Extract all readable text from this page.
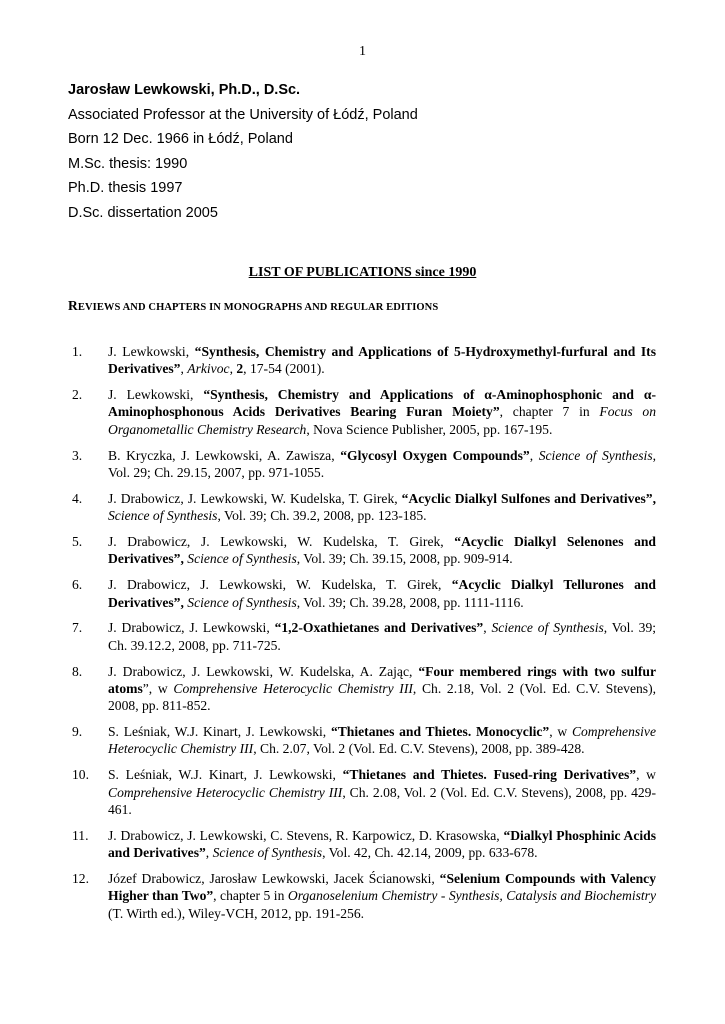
1
Jarosław Lewkowski, Ph.D., D.Sc.
Associated Professor at the University of Łódź, Poland
Born 12 Dec. 1966 in Łódź, Poland
M.Sc. thesis: 1990
Ph.D. thesis 1997
D.Sc. dissertation 2005
LIST OF PUBLICATIONS since 1990
REVIEWS AND CHAPTERS IN MONOGRAPHS AND REGULAR EDITIONS
1. J. Lewkowski, “Synthesis, Chemistry and Applications of 5-Hydroxymethyl-furfural and Its Derivatives”, Arkivoc, 2, 17-54 (2001).
2. J. Lewkowski, “Synthesis, Chemistry and Applications of α-Aminophosphonic and α-Aminophosphonous Acids Derivatives Bearing Furan Moiety”, chapter 7 in Focus on Organometallic Chemistry Research, Nova Science Publisher, 2005, pp. 167-195.
3. B. Kryczka, J. Lewkowski, A. Zawisza, “Glycosyl Oxygen Compounds”, Science of Synthesis, Vol. 29; Ch. 29.15, 2007, pp. 971-1055.
4. J. Drabowicz, J. Lewkowski, W. Kudelska, T. Girek, “Acyclic Dialkyl Sulfones and Derivatives”, Science of Synthesis, Vol. 39; Ch. 39.2, 2008, pp. 123-185.
5. J. Drabowicz, J. Lewkowski, W. Kudelska, T. Girek, “Acyclic Dialkyl Selenones and Derivatives”, Science of Synthesis, Vol. 39; Ch. 39.15, 2008, pp. 909-914.
6. J. Drabowicz, J. Lewkowski, W. Kudelska, T. Girek, “Acyclic Dialkyl Tellurones and Derivatives”, Science of Synthesis, Vol. 39; Ch. 39.28, 2008, pp. 1111-1116.
7. J. Drabowicz, J. Lewkowski, “1,2-Oxathietanes and Derivatives”, Science of Synthesis, Vol. 39; Ch. 39.12.2, 2008, pp. 711-725.
8. J. Drabowicz, J. Lewkowski, W. Kudelska, A. Zając, “Four membered rings with two sulfur atoms”, w Comprehensive Heterocyclic Chemistry III, Ch. 2.18, Vol. 2 (Vol. Ed. C.V. Stevens), 2008, pp. 811-852.
9. S. Leśniak, W.J. Kinart, J. Lewkowski, “Thietanes and Thietes. Monocyclic”, w Comprehensive Heterocyclic Chemistry III, Ch. 2.07, Vol. 2 (Vol. Ed. C.V. Stevens), 2008, pp. 389-428.
10. S. Leśniak, W.J. Kinart, J. Lewkowski, “Thietanes and Thietes. Fused-ring Derivatives”, w Comprehensive Heterocyclic Chemistry III, Ch. 2.08, Vol. 2 (Vol. Ed. C.V. Stevens), 2008, pp. 429-461.
11. J. Drabowicz, J. Lewkowski, C. Stevens, R. Karpowicz, D. Krasowska, “Dialkyl Phosphinic Acids and Derivatives”, Science of Synthesis, Vol. 42, Ch. 42.14, 2009, pp. 633-678.
12. Józef Drabowicz, Jarosław Lewkowski, Jacek Ścianowski, “Selenium Compounds with Valency Higher than Two”, chapter 5 in Organoselenium Chemistry - Synthesis, Catalysis and Biochemistry (T. Wirth ed.), Wiley-VCH, 2012, pp. 191-256.
